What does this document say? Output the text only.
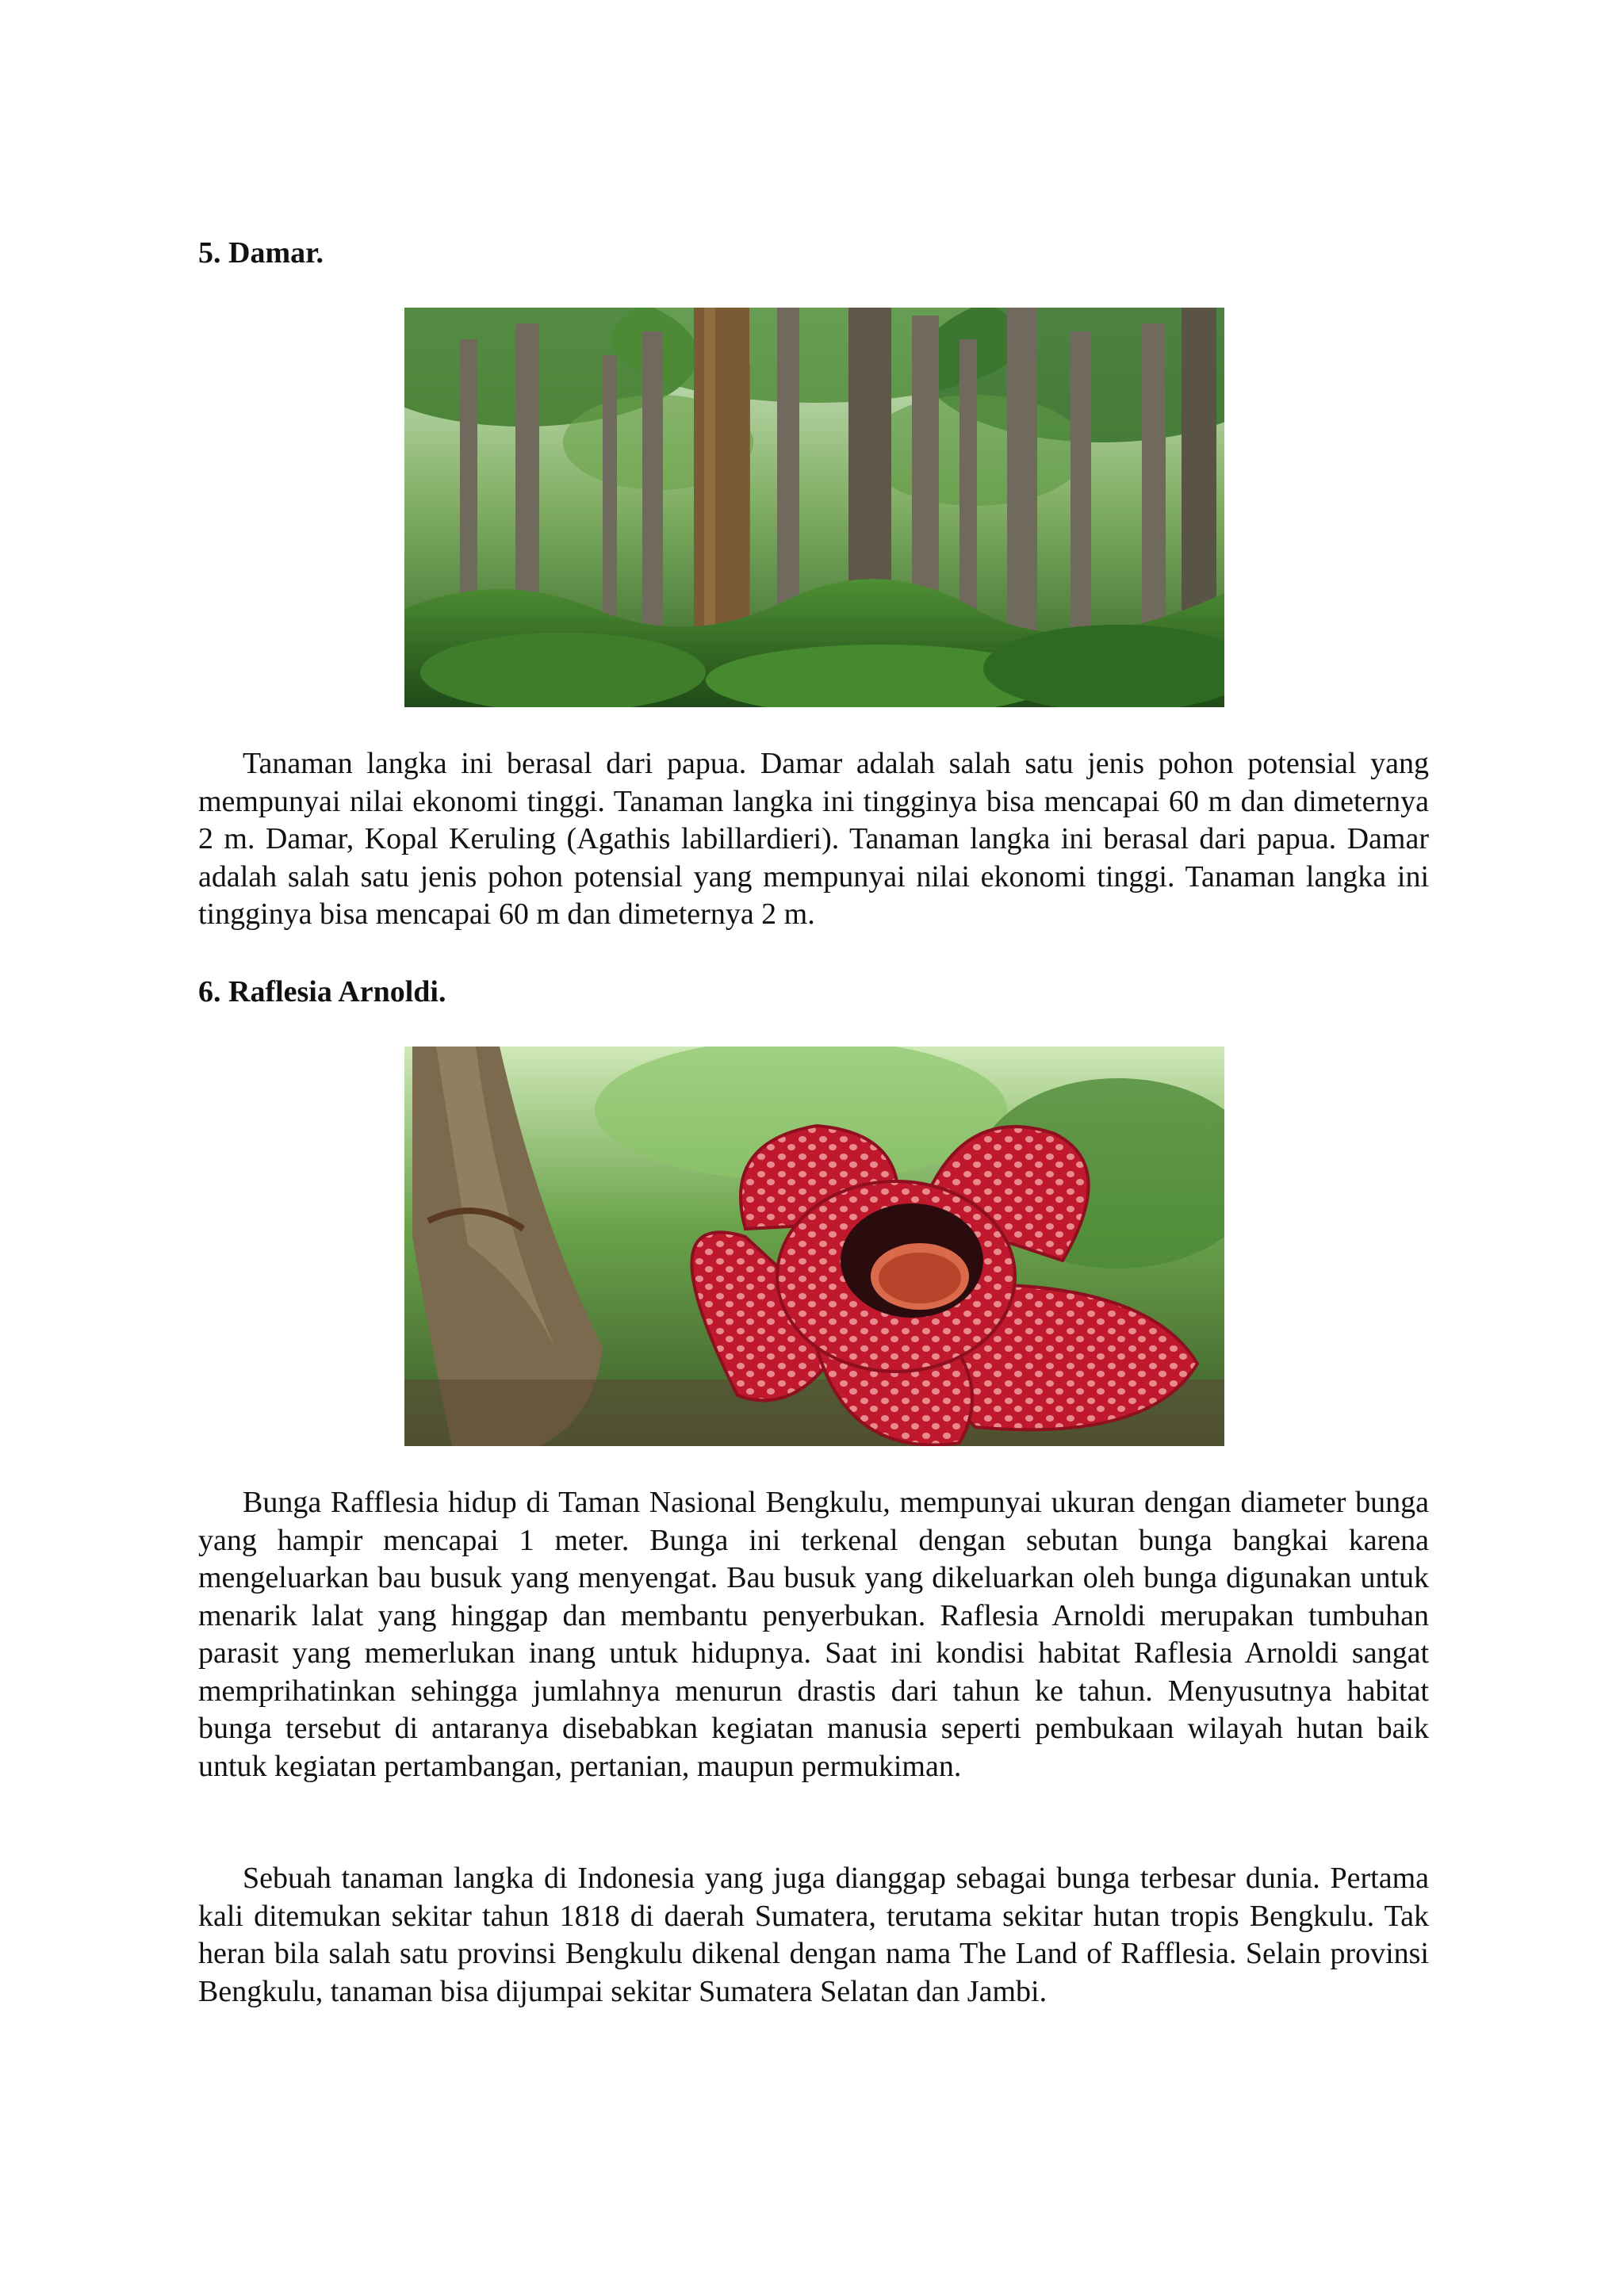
5. Damar.

Tanaman langka ini berasal dari papua. Damar adalah salah satu jenis pohon potensial yang mempunyai nilai ekonomi tinggi. Tanaman langka ini tingginya bisa mencapai 60 m dan dimeternya 2 m. Damar, Kopal Keruling (Agathis labillardieri). Tanaman langka ini berasal dari papua. Damar adalah salah satu jenis pohon potensial yang mempunyai nilai ekonomi tinggi. Tanaman langka ini tingginya bisa mencapai 60 m dan dimeternya 2 m.

6. Raflesia Arnoldi.

Bunga Rafflesia hidup di Taman Nasional Bengkulu, mempunyai ukuran dengan diameter bunga yang hampir mencapai 1 meter. Bunga ini terkenal dengan sebutan bunga bangkai karena mengeluarkan bau busuk yang menyengat. Bau busuk yang dikeluarkan oleh bunga digunakan untuk menarik lalat yang hinggap dan membantu penyerbukan. Raflesia Arnoldi merupakan tumbuhan parasit yang memerlukan inang untuk hidupnya. Saat ini kondisi habitat Raflesia Arnoldi sangat memprihatinkan sehingga jumlahnya menurun drastis dari tahun ke tahun. Menyusutnya habitat bunga tersebut di antaranya disebabkan kegiatan manusia seperti pembukaan wilayah hutan baik untuk kegiatan pertambangan, pertanian, maupun permukiman.

Sebuah tanaman langka di Indonesia yang juga dianggap sebagai bunga terbesar dunia. Pertama kali ditemukan sekitar tahun 1818 di daerah Sumatera, terutama sekitar hutan tropis Bengkulu. Tak heran bila salah satu provinsi Bengkulu dikenal dengan nama The Land of Rafflesia. Selain provinsi Bengkulu, tanaman bisa dijumpai sekitar Sumatera Selatan dan Jambi.
